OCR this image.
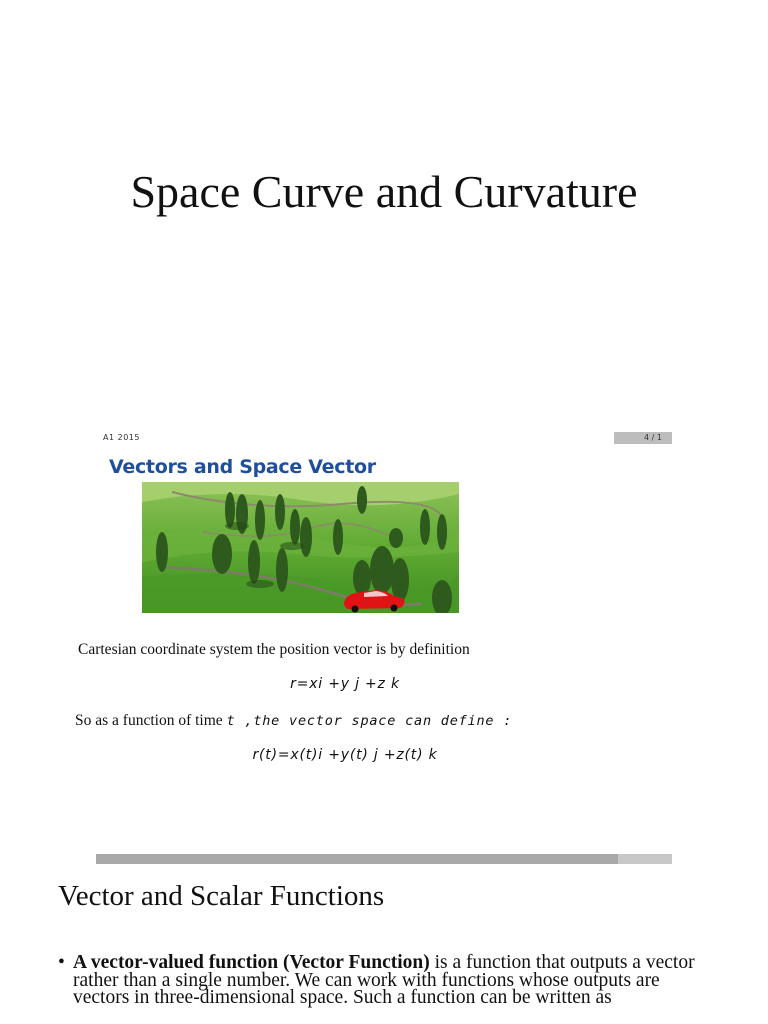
Space Curve and Curvature
A1 2015	4 / 1
Vectors and Space Vector
Cartesian coordinate system the position vector is by definition
r=xi +y j +z k
So as a function of time t ,the vector space can define :
r(t)=x(t)i +y(t) j +z(t) k
Vector and Scalar Functions
• A vector-valued function (Vector Function) is a function that outputs a vector rather than a single number. We can work with functions whose outputs are vectors in three-dimensional space. Such a function can be written as
